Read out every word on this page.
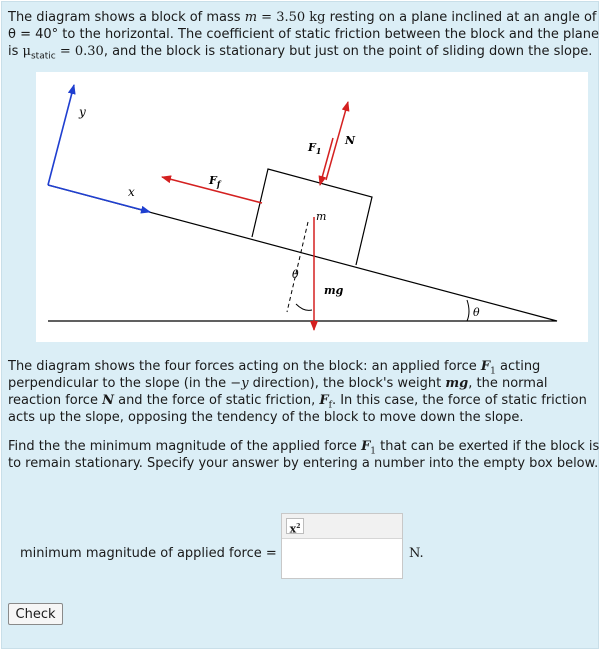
The diagram shows a block of mass m = 3.50 kg resting on a plane inclined at an angle of θ = 40° to the horizontal. The coefficient of static friction between the block and the plane is $\mu_{static} = 0.30$, and the block is stationary but just on the point of sliding down the slope.

y
x
m
$F_f$
$F_1$
N
mg
θ
θ

The diagram shows the four forces acting on the block: an applied force $F_1$ acting perpendicular to the slope (in the −y direction), the block's weight mg, the normal reaction force N and the force of static friction, $F_f$. In this case, the force of static friction acts up the slope, opposing the tendency of the block to move down the slope.

Find the the minimum magnitude of the applied force $F_1$ that can be exerted if the block is to remain stationary. Specify your answer by entering a number into the empty box below.

minimum magnitude of applied force =
$x^2$
N.
Check
